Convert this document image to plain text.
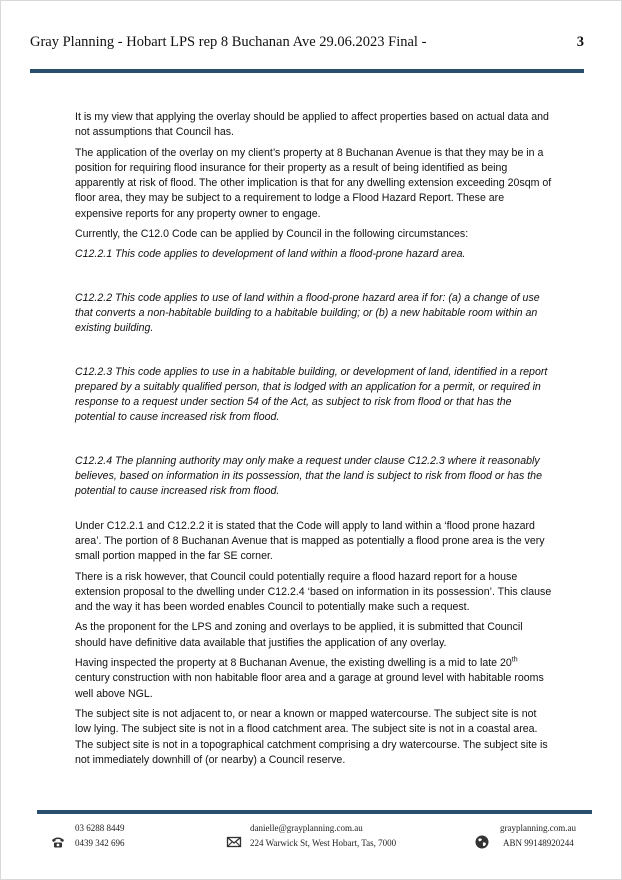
Gray Planning - Hobart LPS rep 8 Buchanan Ave 29.06.2023 Final -	3

It is my view that applying the overlay should be applied to affect properties based on actual data and not assumptions that Council has.

The application of the overlay on my client’s property at 8 Buchanan Avenue is that they may be in a position for requiring flood insurance for their property as a result of being identified as being apparently at risk of flood. The other implication is that for any dwelling extension exceeding 20sqm of floor area, they may be subject to a requirement to lodge a Flood Hazard Report. These are expensive reports for any property owner to engage.

Currently, the C12.0 Code can be applied by Council in the following circumstances:

C12.2.1 This code applies to development of land within a flood-prone hazard area.

C12.2.2 This code applies to use of land within a flood-prone hazard area if for: (a) a change of use that converts a non-habitable building to a habitable building; or (b) a new habitable room within an existing building.

C12.2.3 This code applies to use in a habitable building, or development of land, identified in a report prepared by a suitably qualified person, that is lodged with an application for a permit, or required in response to a request under section 54 of the Act, as subject to risk from flood or that has the potential to cause increased risk from flood.

C12.2.4 The planning authority may only make a request under clause C12.2.3 where it reasonably believes, based on information in its possession, that the land is subject to risk from flood or has the potential to cause increased risk from flood.

Under C12.2.1 and C12.2.2 it is stated that the Code will apply to land within a ‘flood prone hazard area’. The portion of 8 Buchanan Avenue that is mapped as potentially a flood prone area is the very small portion mapped in the far SE corner.

There is a risk however, that Council could potentially require a flood hazard report for a house extension proposal to the dwelling under C12.2.4 ‘based on information in its possession’. This clause and the way it has been worded enables Council to potentially make such a request.

As the proponent for the LPS and zoning and overlays to be applied, it is submitted that Council should have definitive data available that justifies the application of any overlay.

Having inspected the property at 8 Buchanan Avenue, the existing dwelling is a mid to late 20th century construction with non habitable floor area and a garage at ground level with habitable rooms well above NGL.

The subject site is not adjacent to, or near a known or mapped watercourse. The subject site is not low lying. The subject site is not in a flood catchment area. The subject site is not in a coastal area. The subject site is not in a topographical catchment comprising a dry watercourse. The subject site is not immediately downhill of (or nearby) a Council reserve.

03 6288 8449
0439 342 696
danielle@grayplanning.com.au
224 Warwick St, West Hobart, Tas, 7000
grayplanning.com.au
ABN 99148920244
